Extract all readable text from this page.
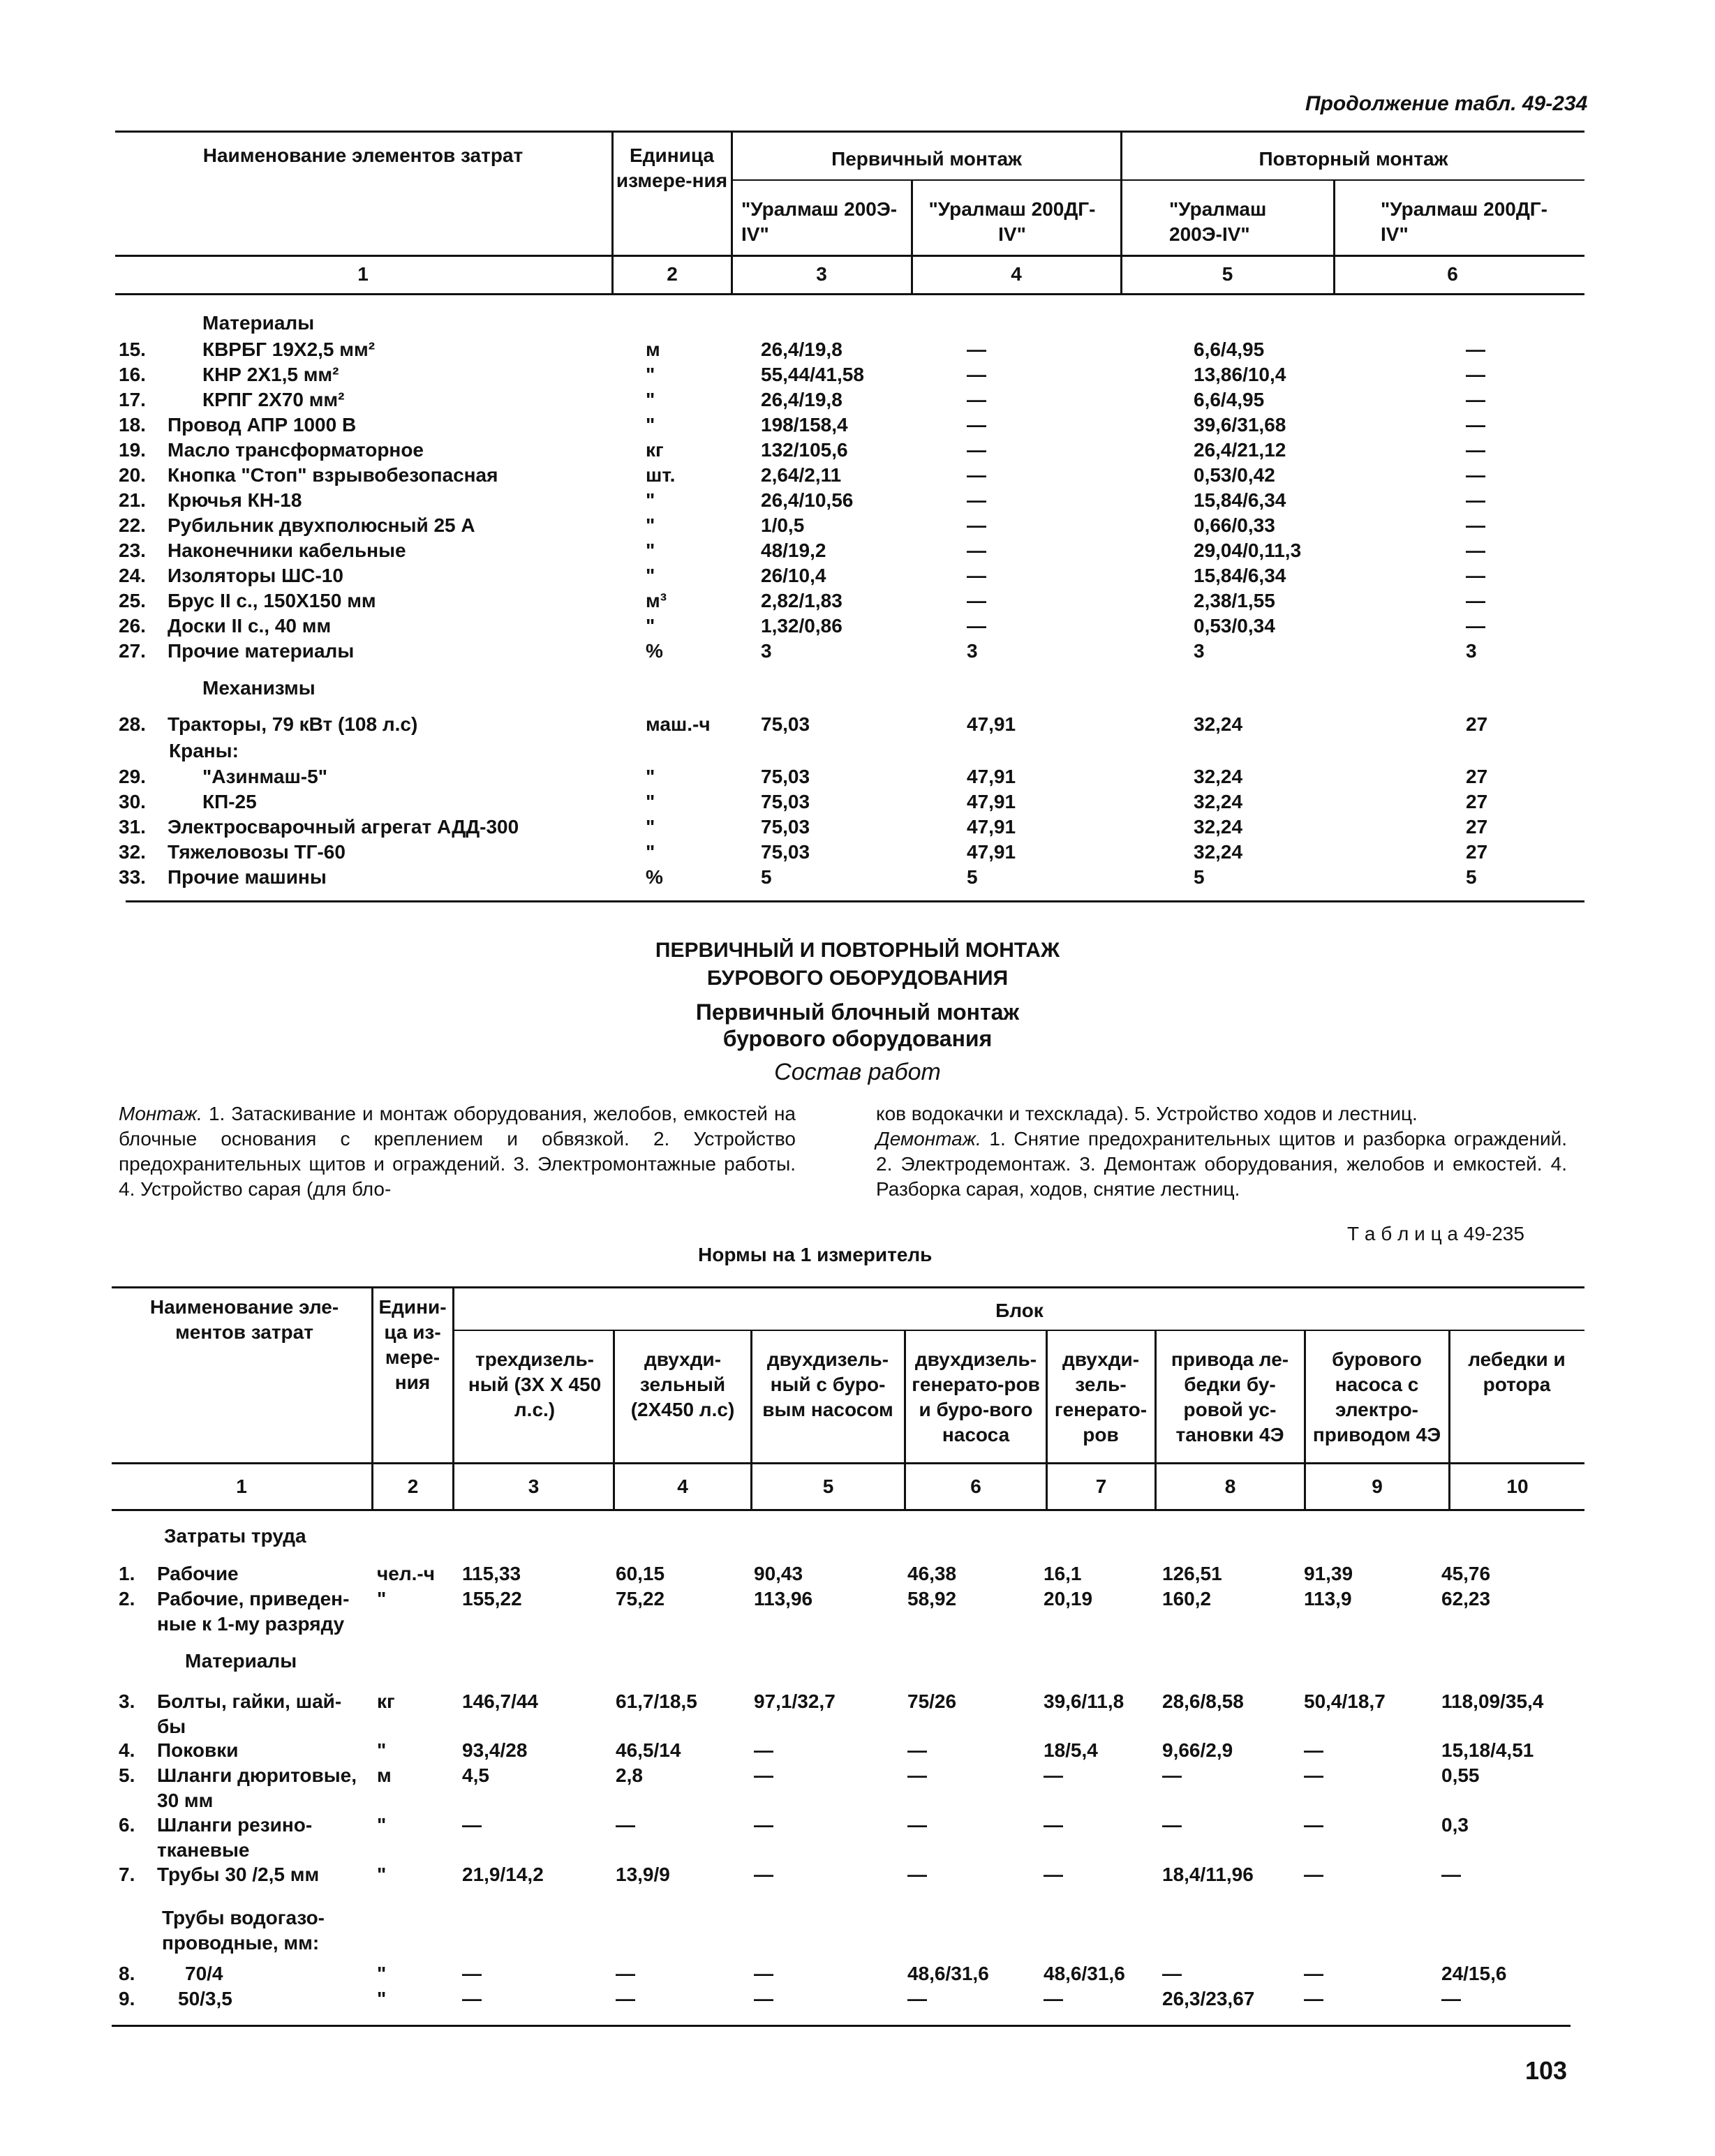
Продолжение табл. 49-234
Наименование элементов затрат	Единица измере-ния
Первичный монтаж	Повторный монтаж
"Уралмаш 200Э-IV"
"Уралмаш 200ДГ-IV"
"Уралмаш 200Э-IV"
"Уралмаш 200ДГ-IV"
1	2	3	4	5	6
Материалы
Механизмы
Краны:
15.	КВРБГ 19X2,5 мм²	м	26,4/19,8	—	6,6/4,95	—
16.	КНР 2X1,5 мм²	"	55,44/41,58	—	13,86/10,4	—
17.	КРПГ 2X70 мм²	"	26,4/19,8	—	6,6/4,95	—
18.	Провод АПР 1000 В	"	198/158,4	—	39,6/31,68	—
19.	Масло трансформаторное	кг	132/105,6	—	26,4/21,12	—
20.	Кнопка "Стоп" взрывобезопасная	шт.	2,64/2,11	—	0,53/0,42	—
21.	Крючья КН-18	"	26,4/10,56	—	15,84/6,34	—
22.	Рубильник двухполюсный 25 А	"	1/0,5	—	0,66/0,33	—
23.	Наконечники кабельные	"	48/19,2	—	29,04/0,11,3	—
24.	Изоляторы ШС-10	"	26/10,4	—	15,84/6,34	—
25.	Брус II с., 150X150 мм	м³	2,82/1,83	—	2,38/1,55	—
26.	Доски II с., 40 мм	"	1,32/0,86	—	0,53/0,34	—
27.	Прочие материалы	%	3	3	3	3
28.	Тракторы, 79 кВт (108 л.с)	маш.-ч	75,03	47,91	32,24	27
29.	"Азинмаш-5"	"	75,03	47,91	32,24	27
30.	КП-25	"	75,03	47,91	32,24	27
31.	Электросварочный агрегат АДД-300	"	75,03	47,91	32,24	27
32.	Тяжеловозы ТГ-60	"	75,03	47,91	32,24	27
33.	Прочие машины	%	5	5	5	5
ПЕРВИЧНЫЙ И ПОВТОРНЫЙ МОНТАЖ
БУРОВОГО ОБОРУДОВАНИЯ
Первичный блочный монтаж
бурового оборудования
Состав работ
Монтаж. 1. Затаскивание и монтаж оборудования, желобов, емкостей на блочные основания с креплением и обвязкой. 2. Устройство предохранительных щитов и ограждений. 3. Электромонтажные работы. 4. Устройство сарая (для бло-
ков водокачки и техсклада). 5. Устройство ходов и лестниц.
Демонтаж. 1. Снятие предохранительных щитов и разборка ограждений. 2. Электродемонтаж. 3. Демонтаж оборудования, желобов и емкостей. 4. Разборка сарая, ходов, снятие лестниц.
Т а б л и ц а 49-235
Нормы на 1 измеритель
Наименование эле-ментов затрат
Едини-ца из-мере-ния
Блок
трехдизель-ный (3Х Х 450 л.с.)
двухди-зельный (2Х450 л.с)
двухдизель-ный с буро-вым насосом
двухдизель-генерато-ров и буро-вого насоса
двухди-зель-генерато-ров
привода ле-бедки бу-ровой ус-тановки 4Э
бурового насоса с электро-приводом 4Э
лебедки и ротора
1	2	3	4	5	6	7	8	9	10
Затраты труда
Материалы
Трубы водогазо-проводные, мм:
1.	Рабочие	чел.-ч 115,33	60,15	90,43	46,38	16,1	126,51	91,39	45,76
2.	Рабочие, приведен-ные к 1-му разряду
"	155,22	75,22	113,96	58,92	20,19	160,2	113,9	62,23
3.	Болты, гайки, шай-бы
кг	146,7/44	61,7/18,5	97,1/32,7	75/26	39,6/11,8 28,6/8,58	50,4/18,7	118,09/35,4
4.	Поковки	"	93,4/28	46,5/14	—	—	18/5,4	9,66/2,9	—	15,18/4,51
5.	Шланги дюритовые, 30 мм
м	4,5	2,8	—	—	—	—	—	0,55
6.	Шланги резино-тканевые
"	—	—	—	—	—	—	—	0,3
7.	Трубы 30 /2,5 мм	"	21,9/14,2	13,9/9	—	—	—	18,4/11,96	—	—
8.	70/4	"	—	—	—	48,6/31,6	48,6/31,6 —	—	24/15,6
9.	50/3,5	"	—	—	—	—	—	26,3/23,67	—	—
103
